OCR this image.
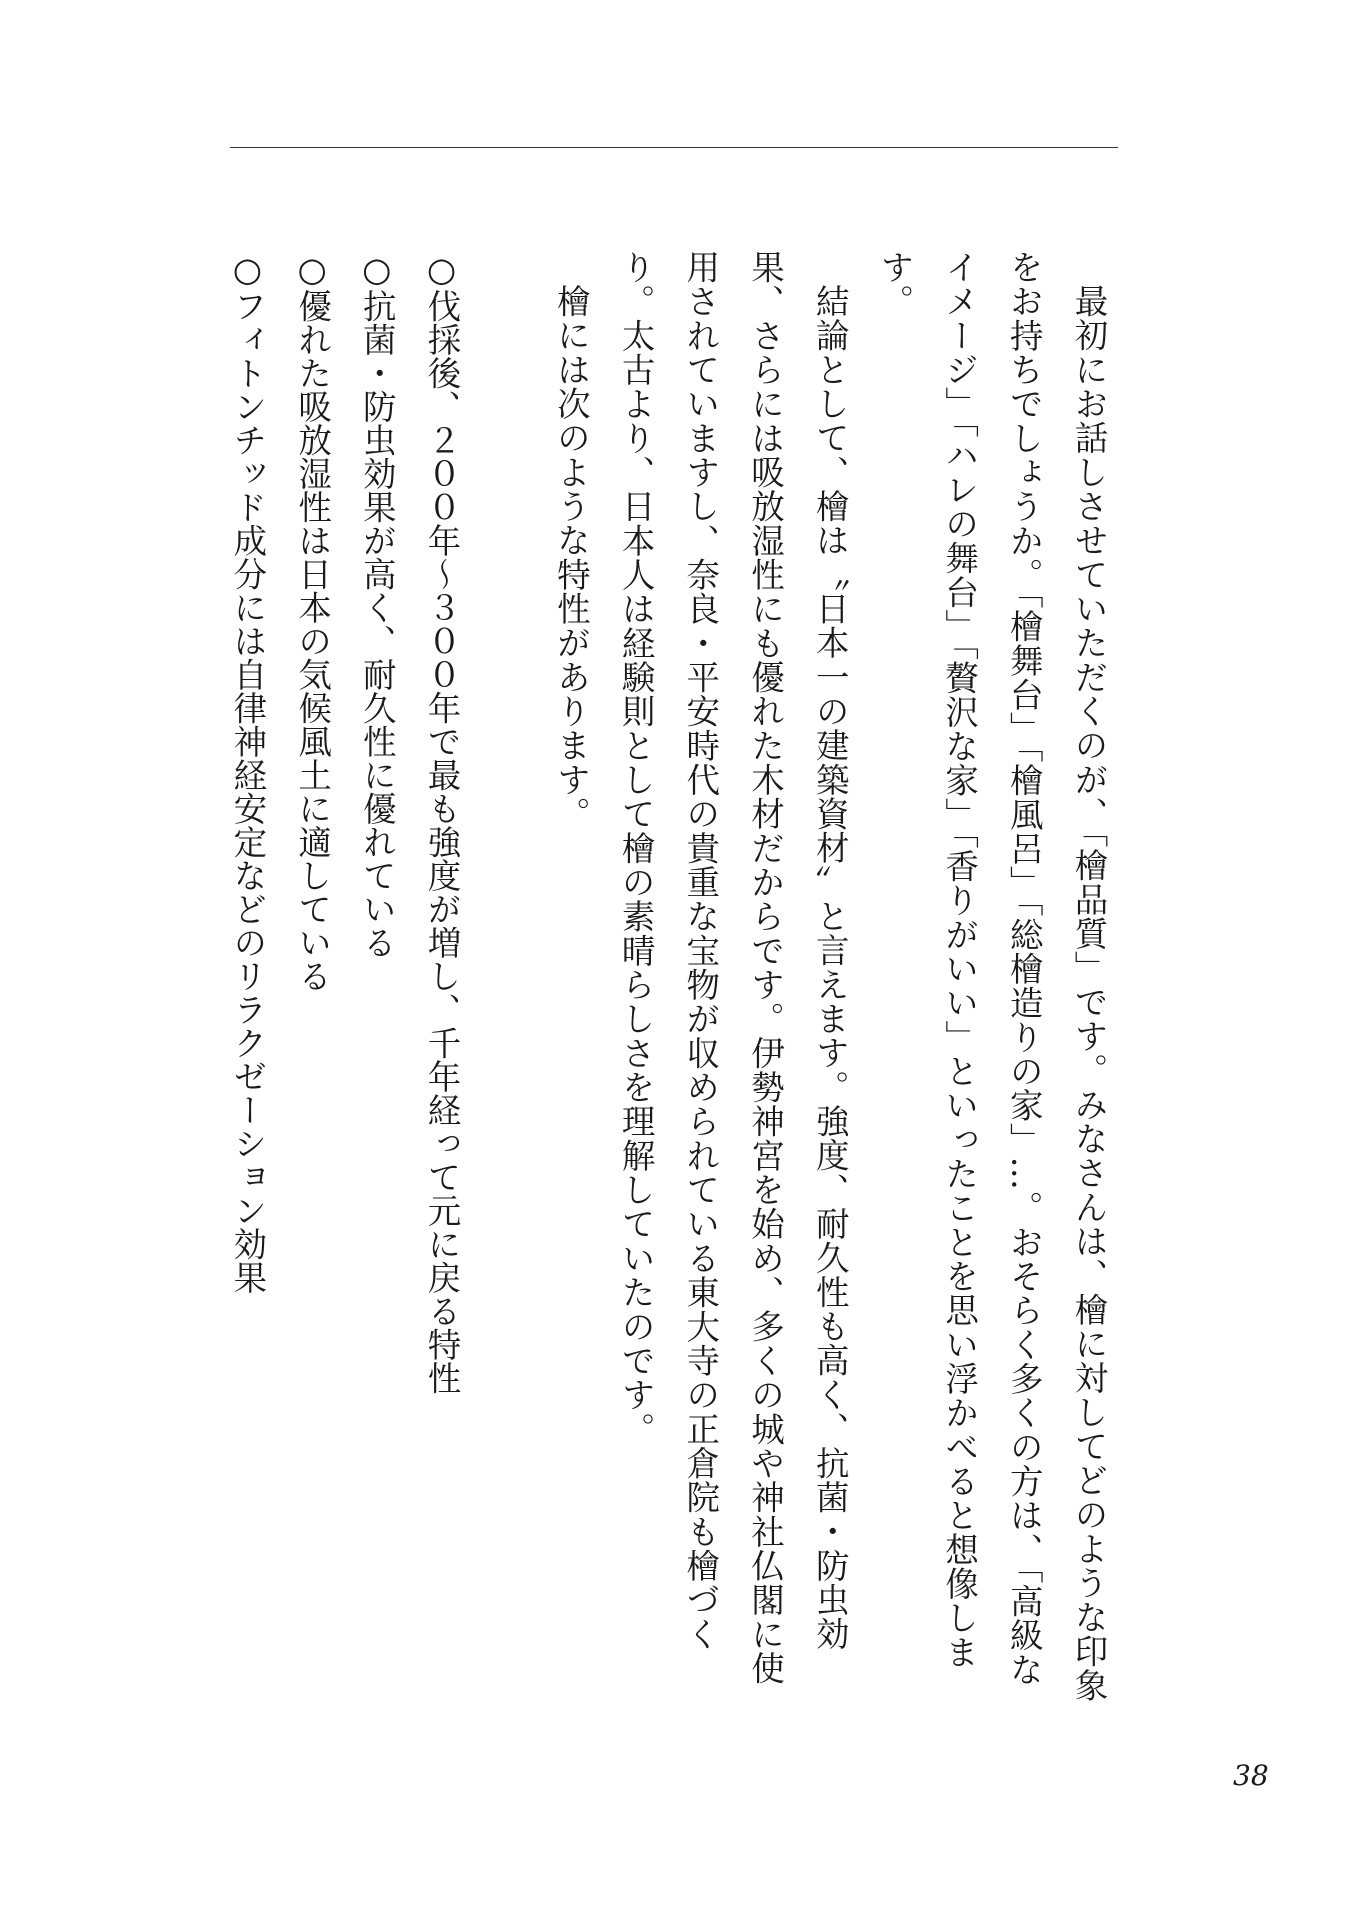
最初にお話しさせていただくのが、「檜品質」です。みなさんは、檜に対してどのような印象をお持ちでしょうか。「檜舞台」「檜風呂」「総檜造りの家」…。おそらく多くの方は、「高級なイメージ」「ハレの舞台」「贅沢な家」「香りがいい」といったことを思い浮かべると想像します。

結論として、檜は〝日本一の建築資材〟と言えます。強度、耐久性も高く、抗菌・防虫効果、さらには吸放湿性にも優れた木材だからです。伊勢神宮を始め、多くの城や神社仏閣に使用されていますし、奈良・平安時代の貴重な宝物が収められている東大寺の正倉院も檜づくり。太古より、日本人は経験則として檜の素晴らしさを理解していたのです。

檜には次のような特性があります。

○伐採後、２００年～３００年で最も強度が増し、千年経って元に戻る特性
○抗菌・防虫効果が高く、耐久性に優れている
○優れた吸放湿性は日本の気候風土に適している
○フィトンチッド成分には自律神経安定などのリラクゼーション効果
38
